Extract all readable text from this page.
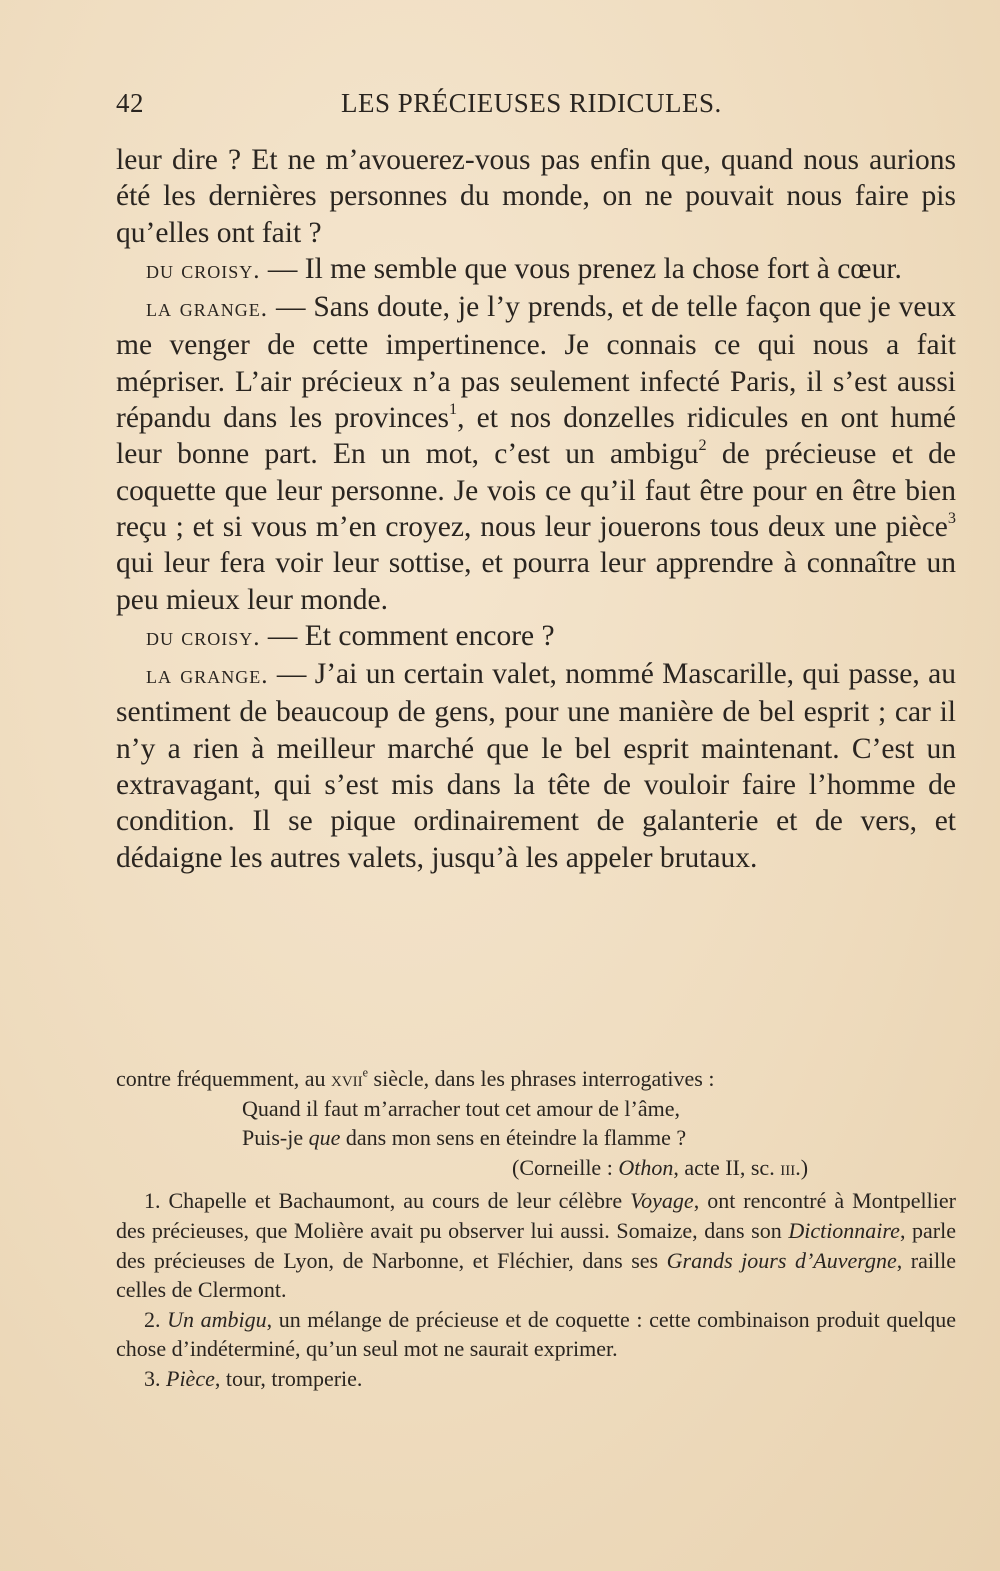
42	LES PRÉCIEUSES RIDICULES.

leur dire ? Et ne m’avouerez-vous pas enfin que, quand nous aurions été les dernières personnes du monde, on ne pouvait nous faire pis qu’elles ont fait ?

du croisy. — Il me semble que vous prenez la chose fort à cœur.

la grange. — Sans doute, je l’y prends, et de telle façon que je veux me venger de cette impertinence. Je connais ce qui nous a fait mépriser. L’air précieux n’a pas seulement infecté Paris, il s’est aussi répandu dans les provinces$^1$, et nos donzelles ridicules en ont humé leur bonne part. En un mot, c’est un ambigu$^2$ de précieuse et de coquette que leur personne. Je vois ce qu’il faut être pour en être bien reçu ; et si vous m’en croyez, nous leur jouerons tous deux une pièce$^3$ qui leur fera voir leur sottise, et pourra leur apprendre à connaître un peu mieux leur monde.

du croisy. — Et comment encore ?

la grange. — J’ai un certain valet, nommé Mascarille, qui passe, au sentiment de beaucoup de gens, pour une manière de bel esprit ; car il n’y a rien à meilleur marché que le bel esprit maintenant. C’est un extravagant, qui s’est mis dans la tête de vouloir faire l’homme de condition. Il se pique ordinairement de galanterie et de vers, et dédaigne les autres valets, jusqu’à les appeler brutaux.

contre fréquemment, au xvii$^e$ siècle, dans les phrases interrogatives :

Quand il faut m’arracher tout cet amour de l’âme,

Puis-je que dans mon sens en éteindre la flamme ?

(Corneille : Othon, acte II, sc. iii.)

1. Chapelle et Bachaumont, au cours de leur célèbre Voyage, ont rencontré à Montpellier des précieuses, que Molière avait pu observer lui aussi. Somaize, dans son Dictionnaire, parle des précieuses de Lyon, de Narbonne, et Fléchier, dans ses Grands jours d’Auvergne, raille celles de Clermont.

2. Un ambigu, un mélange de précieuse et de coquette : cette combinaison produit quelque chose d’indéterminé, qu’un seul mot ne saurait exprimer.

3. Pièce, tour, tromperie.
